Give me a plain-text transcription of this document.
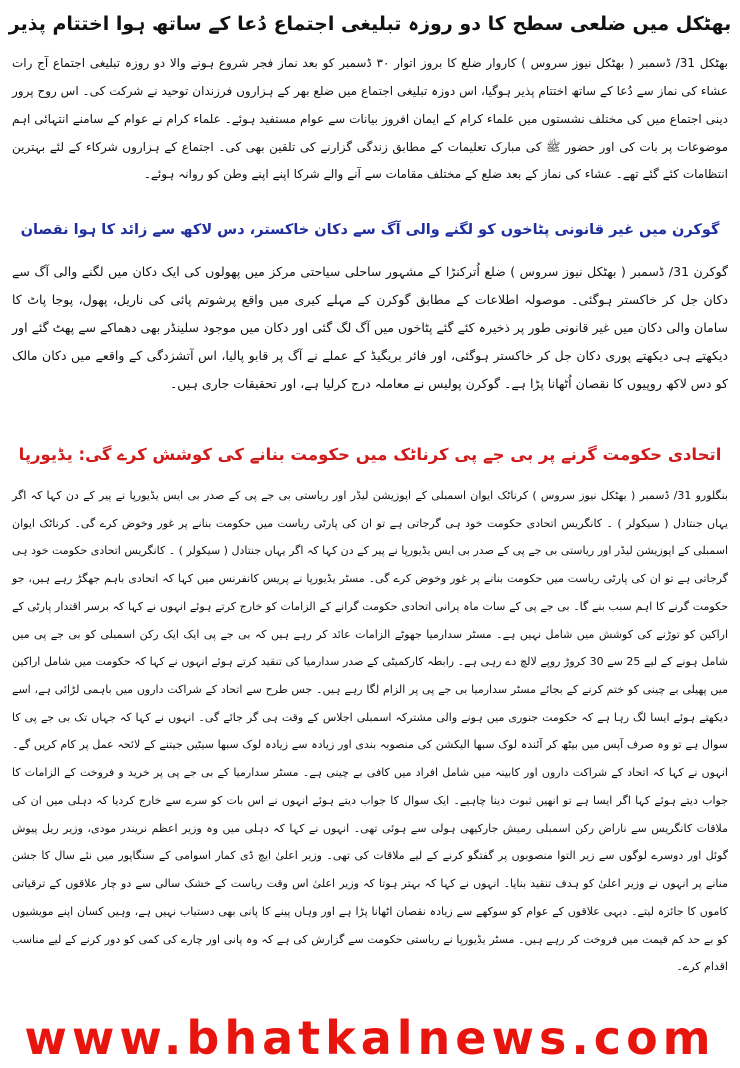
بھٹکل میں ضلعی سطح کا دو روزہ تبلیغی اجتماع دُعا کے ساتھ ہوا اختتام پذیر
بھٹکل 31/ ڈسمبر ( بھٹکل نیوز سروس ) کاروار ضلع کا بروز اتوار ۳۰ ڈسمبر کو بعد نماز فجر شروع ہونے والا دو روزہ تبلیغی اجتماع آج رات عشاء کی نماز سے دُعا کے ساتھ اختتام پذیر ہوگیا، اس دوزہ تبلیغی اجتماع میں ضلع بھر کے ہزاروں فرزندان توحید نے شرکت کی۔ اس روح پرور دینی اجتماع میں کی مختلف نشستوں میں علماء کرام کے ایمان افروز بیانات سے عوام مستفید ہوئے۔ علماء کرام نے عوام کے سامنے انتہائی اہم موضوعات پر بات کی اور حضور ﷺ کی مبارک تعلیمات کے مطابق زندگی گزارنے کی تلقین بھی کی۔ اجتماع کے ہزاروں شرکاء کے لئے بہترین انتظامات کئے گئے تھے۔ عشاء کی نماز کے بعد ضلع کے مختلف مقامات سے آنے والے شرکا اپنے اپنے وطن کو روانہ ہوئے۔
گوکرن میں غیر قانونی پٹاخوں کو لگنے والی آگ سے دکان خاکستر، دس لاکھ سے زائد کا ہوا نقصان
گوکرن 31/ ڈسمبر ( بھٹکل نیوز سروس ) ضلع اُترکنڑا کے مشہور ساحلی سیاحتی مرکز میں پھولوں کی ایک دکان میں لگنے والی آگ سے دکان جل کر خاکستر ہوگئی۔ موصولہ اطلاعات کے مطابق گوکرن کے مہلے کیری میں واقع پرشوتم پائی کی ناریل، پھول، پوجا پاٹ کا سامان والی دکان میں غیر قانونی طور پر ذخیرہ کئے گئے پٹاخوں میں آگ لگ گئی اور دکان میں موجود سلینڈر بھی دھماکے سے پھٹ گئے اور دیکھتے ہی دیکھتے پوری دکان جل کر خاکستر ہوگئی، اور فائر بریگیڈ کے عملے نے آگ پر قابو پالیا، اس آتشزدگی کے واقعے میں دکان مالک کو دس لاکھ روپیوں کا نقصان اُٹھانا پڑا ہے۔ گوکرن پولیس نے معاملہ درج کرلیا ہے، اور تحقیقات جاری ہیں۔
اتحادی حکومت گرنے پر بی جے پی کرناٹک میں حکومت بنانے کی کوشش کرے گی: یڈیورپا
بنگلورو 31/ ڈسمبر ( بھٹکل نیوز سروس ) کرناٹک ایوان اسمبلی کے اپوزیشن لیڈر اور ریاستی بی جے پی کے صدر بی ایس یڈیورپا نے پیر کے دن کہا کہ اگر یہاں جنتادل ( سیکولر ) ۔ کانگریس اتحادی حکومت خود ہی گرجاتی ہے تو ان کی پارٹی ریاست میں حکومت بنانے پر غور وخوض کرے گی۔ کرناٹک ایوان اسمبلی کے اپوزیشن لیڈر اور ریاستی بی جے پی کے صدر بی ایس یڈیورپا نے پیر کے دن کہا کہ اگر یہاں جنتادل ( سیکولر ) ۔ کانگریس اتحادی حکومت خود ہی گرجاتی ہے تو ان کی پارٹی ریاست میں حکومت بنانے پر غور وخوض کرے گی۔ مسٹر یڈیورپا نے پریس کانفرنس میں کہا کہ اتحادی باہم جھگڑ رہے ہیں، جو حکومت گرنے کا اہم سبب بنے گا۔ بی جے پی کے سات ماہ پرانی اتحادی حکومت گرانے کے الزامات کو خارج کرتے ہوئے انہوں نے کہا کہ برسر اقتدار پارٹی کے اراکین کو توڑنے کی کوشش میں شامل نہیں ہے۔ مسٹر سدارمیا جھوٹے الزامات عائد کر رہے ہیں کہ بی جے پی ایک ایک رکن اسمبلی کو بی جے پی میں شامل ہونے کے لیے 25 سے 30 کروڑ روپے لالچ دے رہی ہے۔ رابطہ کارکمیٹی کے صدر سدارمیا کی تنقید کرتے ہوئے انہوں نے کہا کہ حکومت میں شامل اراکین میں پھیلی بے چینی کو ختم کرنے کے بجائے مسٹر سدارمیا بی جے پی پر الزام لگا رہے ہیں۔ جس طرح سے اتحاد کے شراکت داروں میں باہمی لڑائی ہے، اسے دیکھتے ہوئے ایسا لگ رہا ہے کہ حکومت جنوری میں ہونے والی مشترکہ اسمبلی اجلاس کے وقت ہی گر جائے گی۔ انہوں نے کہا کہ جہاں تک بی جے پی کا سوال ہے تو وہ صرف آپس میں بیٹھ کر آئندہ لوک سبھا الیکشن کی منصوبہ بندی اور زیادہ سے زیادہ لوک سبھا سیٹیں جیتنے کے لائحہ عمل پر کام کریں گے۔ انہوں نے کہا کہ اتحاد کے شراکت داروں اور کابینہ میں شامل افراد میں کافی بے چینی ہے۔ مسٹر سدارمیا کے بی جے پی پر خرید و فروخت کے الزامات کا جواب دیتے ہوئے کہا اگر ایسا ہے تو انھیں ثبوت دینا چاہیے۔ ایک سوال کا جواب دیتے ہوئے انہوں نے اس بات کو سرے سے خارج کردیا کہ دہلی میں ان کی ملاقات کانگریس سے ناراض رکن اسمبلی رمیش جارکیھی ہولی سے ہوئی تھی۔ انہوں نے کہا کہ دہلی میں وہ وزیر اعظم نریندر مودی، وزیر ریل پیوش گوئل اور دوسرے لوگوں سے زیر التوا منصوبوں پر گفتگو کرنے کے لیے ملاقات کی تھی۔ وزیر اعلیٰ ایچ ڈی کمار اسوامی کے سنگاپور میں نئے سال کا جشن منانے پر انہوں نے وزیر اعلیٰ کو ہدف تنقید بنایا۔ انہوں نے کہا کہ بہتر ہوتا کہ وزیر اعلیٰ اس وقت ریاست کے خشک سالی سے دو چار علاقوں کے ترقیاتی کاموں کا جائزہ لیتے۔ دیہی علاقوں کے عوام کو سوکھے سے زیادہ نقصان اٹھانا پڑا ہے اور وہاں پینے کا پانی بھی دستیاب نہیں ہے، وہیں کسان اپنے مویشیوں کو بے حد کم قیمت میں فروخت کر رہے ہیں۔ مسٹر یڈیورپا نے ریاستی حکومت سے گزارش کی ہے کہ وہ پانی اور چارے کی کمی کو دور کرنے کے لیے مناسب اقدام کرے۔
www.bhatkalnews.com
